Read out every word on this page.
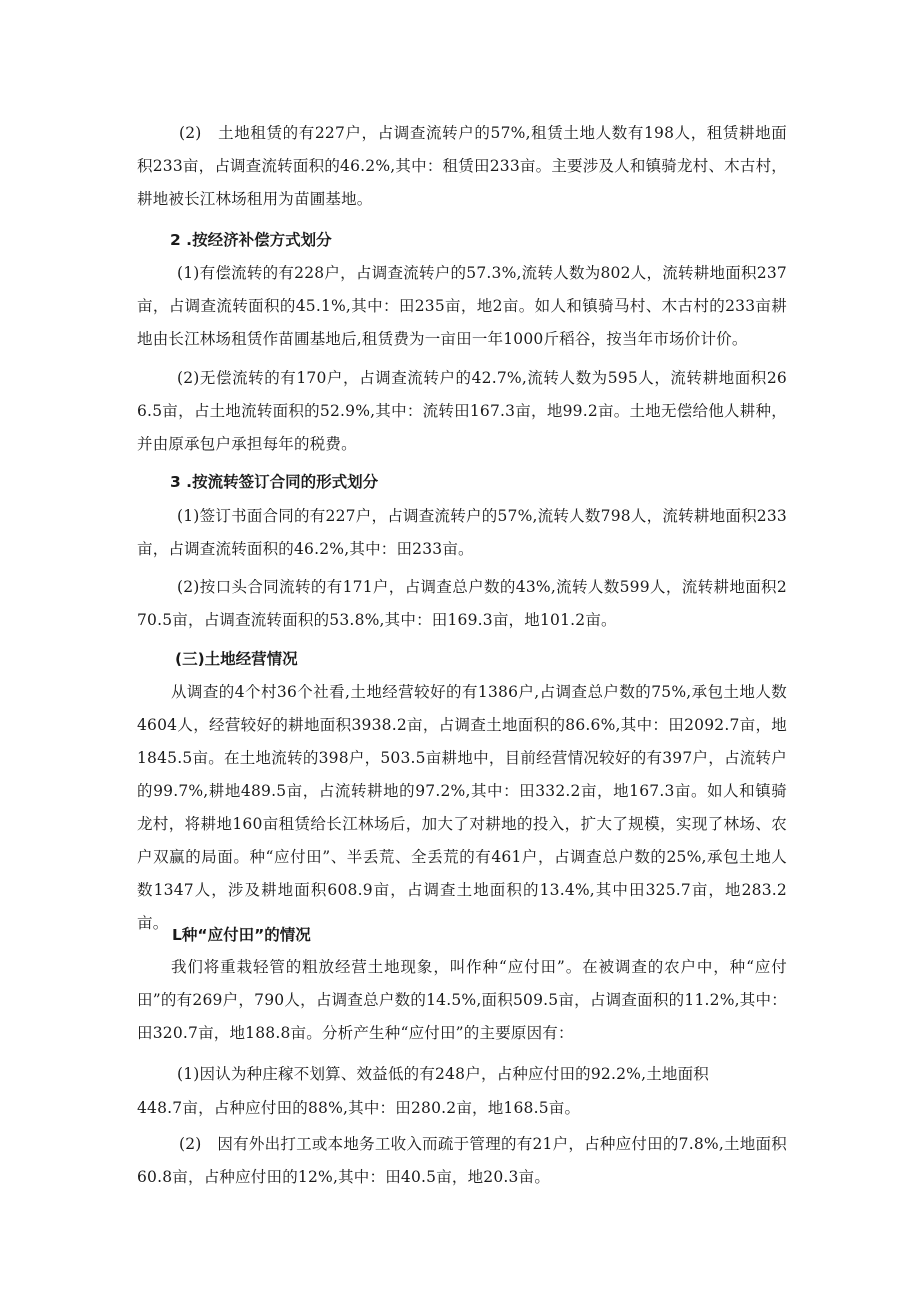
(2)　土地租赁的有227户，占调查流转户的57%,租赁土地人数有198人，租赁耕地面积233亩，占调查流转面积的46.2%,其中：租赁田233亩。主要涉及人和镇骑龙村、木古村，耕地被长江林场租用为苗圃基地。

2 .按经济补偿方式划分

(1)有偿流转的有228户，占调查流转户的57.3%,流转人数为802人，流转耕地面积237亩，占调查流转面积的45.1%,其中：田235亩，地2亩。如人和镇骑马村、木古村的233亩耕地由长江林场租赁作苗圃基地后,租赁费为一亩田一年1000斤稻谷，按当年市场价计价。

(2)无偿流转的有170户，占调查流转户的42.7%,流转人数为595人，流转耕地面积266.5亩，占土地流转面积的52.9%,其中：流转田167.3亩，地99.2亩。土地无偿给他人耕种，并由原承包户承担每年的税费。

3 .按流转签订合同的形式划分

(1)签订书面合同的有227户，占调查流转户的57%,流转人数798人，流转耕地面积233亩，占调查流转面积的46.2%,其中：田233亩。

(2)按口头合同流转的有171户，占调查总户数的43%,流转人数599人，流转耕地面积270.5亩，占调查流转面积的53.8%,其中：田169.3亩，地101.2亩。

(三)土地经营情况

从调查的4个村36个社看,土地经营较好的有1386户,占调查总户数的75%,承包土地人数4604人，经营较好的耕地面积3938.2亩，占调查土地面积的86.6%,其中：田2092.7亩，地1845.5亩。在土地流转的398户，503.5亩耕地中，目前经营情况较好的有397户，占流转户的99.7%,耕地489.5亩，占流转耕地的97.2%,其中：田332.2亩，地167.3亩。如人和镇骑龙村，将耕地160亩租赁给长江林场后，加大了对耕地的投入，扩大了规模，实现了林场、农户双赢的局面。种“应付田”、半丢荒、全丢荒的有461户，占调查总户数的25%,承包土地人数1347人，涉及耕地面积608.9亩，占调查土地面积的13.4%,其中田325.7亩，地283.2亩。

L种“应付田”的情况

我们将重栽轻管的粗放经营土地现象，叫作种“应付田”。在被调查的农户中，种“应付田”的有269户，790人，占调查总户数的14.5%,面积509.5亩，占调查面积的11.2%,其中：田320.7亩，地188.8亩。分析产生种“应付田”的主要原因有：

(1)因认为种庄稼不划算、效益低的有248户，占种应付田的92.2%,土地面积

448.7亩，占种应付田的88%,其中：田280.2亩，地168.5亩。

(2)　因有外出打工或本地务工收入而疏于管理的有21户，占种应付田的7.8%,土地面积60.8亩，占种应付田的12%,其中：田40.5亩，地20.3亩。
